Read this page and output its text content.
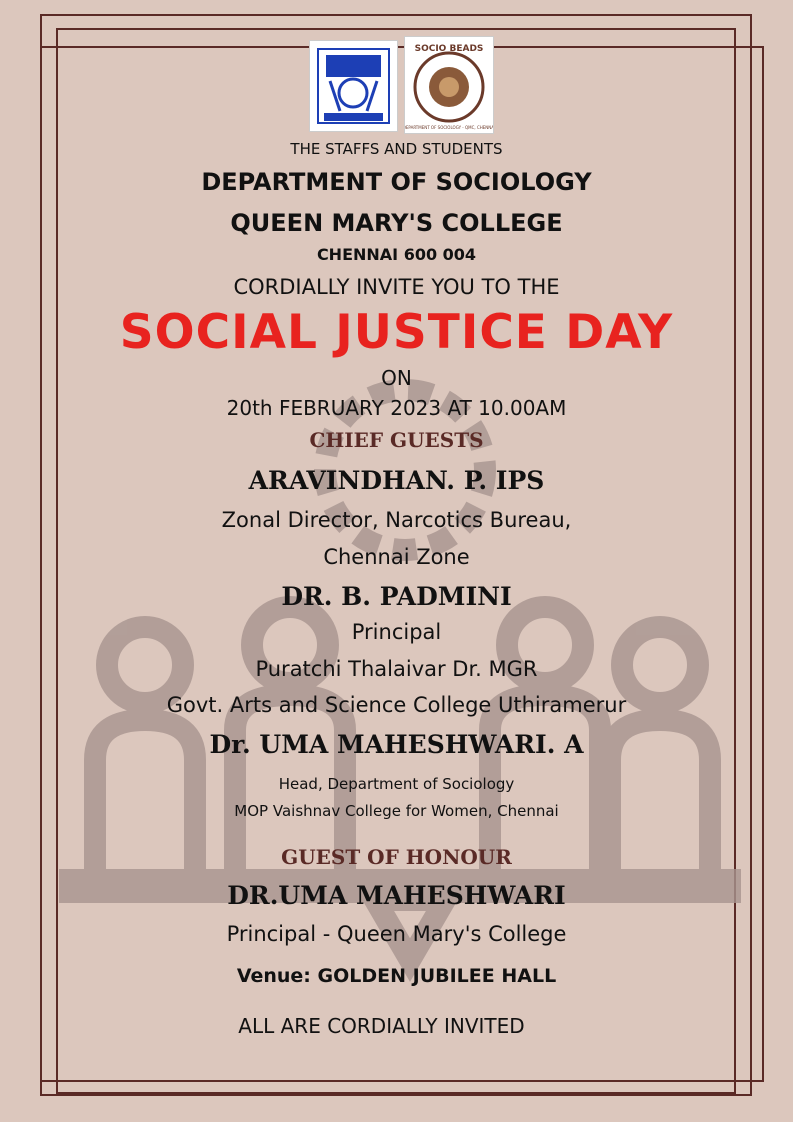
SOCIO BEADS
DEPARTMENT OF SOCIOLOGY - QMC, CHENNAI
THE STAFFS AND STUDENTS
DEPARTMENT OF SOCIOLOGY
QUEEN MARY'S COLLEGE
CHENNAI 600 004
CORDIALLY INVITE YOU TO THE
SOCIAL JUSTICE DAY
ON
20th FEBRUARY 2023 AT 10.00AM
CHIEF GUESTS
ARAVINDHAN. P. IPS
Zonal Director, Narcotics Bureau,
Chennai Zone
DR. B. PADMINI
Principal
Puratchi Thalaivar Dr. MGR
Govt. Arts and Science College Uthiramerur
Dr. UMA MAHESHWARI. A
Head, Department of Sociology
MOP Vaishnav College for Women, Chennai
GUEST OF HONOUR
DR.UMA MAHESHWARI
Principal - Queen Mary's College
Venue: GOLDEN JUBILEE HALL
ALL ARE CORDIALLY INVITED
